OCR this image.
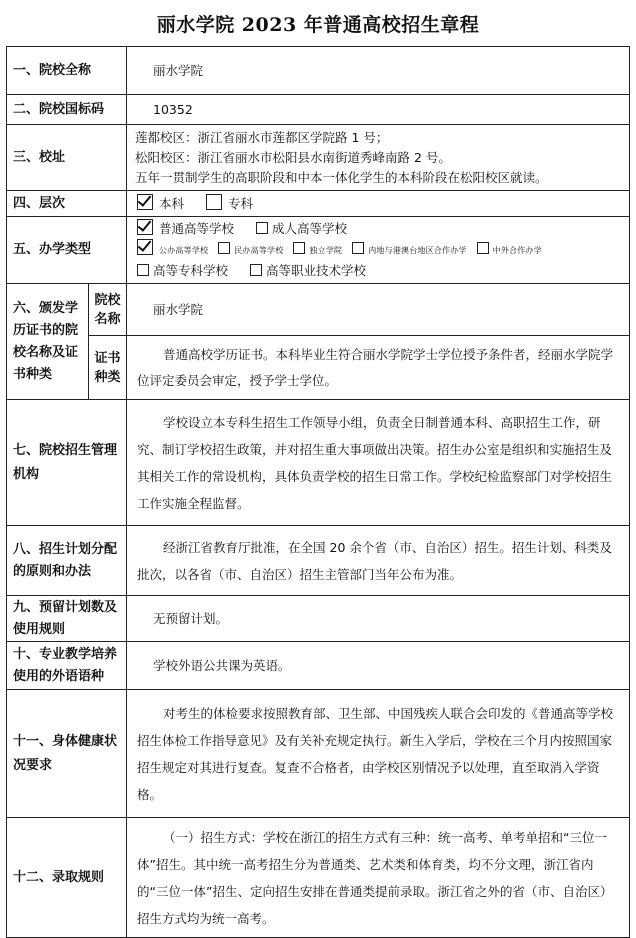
丽水学院 2023 年普通高校招生章程
一、院校全称		丽水学院
二、院校国标码		10352
三、校址		莲都校区：浙江省丽水市莲都区学院路 1 号；
松阳校区：浙江省丽水市松阳县水南街道秀峰南路 2 号。
五年一贯制学生的高职阶段和中本一体化学生的本科阶段在松阳校区就读。

四、层次		本科 专科
五、办学类型		普通高等学校 成人高等学校
公办高等学校 民办高等学校 独立学院 内地与港澳台地区合作办学 中外合作办学
高等专科学校 高等职业技术学校

六、颁发学历证书的院校名称及证书种类	院校名称	丽水学院
	证书种类	普通高校学历证书。本科毕业生符合丽水学院学士学位授予条件者，经丽水学院学位评定委员会审定，授予学士学位。

七、院校招生管理机构		学校设立本专科生招生工作领导小组，负责全日制普通本科、高职招生工作，研究、制订学校招生政策，并对招生重大事项做出决策。招生办公室是组织和实施招生及其相关工作的常设机构，具体负责学校的招生日常工作。学校纪检监察部门对学校招生工作实施全程监督。

八、招生计划分配的原则和办法		经浙江省教育厅批准，在全国 20 余个省（市、自治区）招生。招生计划、科类及批次，以各省（市、自治区）招生主管部门当年公布为准。

九、预留计划数及使用规则		无预留计划。
十、专业教学培养使用的外语语种		学校外语公共课为英语。
十一、身体健康状况要求		对考生的体检要求按照教育部、卫生部、中国残疾人联合会印发的《普通高等学校招生体检工作指导意见》及有关补充规定执行。新生入学后，学校在三个月内按照国家招生规定对其进行复查。复查不合格者，由学校区别情况予以处理，直至取消入学资格。

十二、录取规则		（一）招生方式：学校在浙江的招生方式有三种：统一高考、单考单招和“三位一体”招生。其中统一高考招生分为普通类、艺术类和体育类，均不分文理，浙江省内的“三位一体”招生、定向招生安排在普通类提前录取。浙江省之外的省（市、自治区）招生方式均为统一高考。
